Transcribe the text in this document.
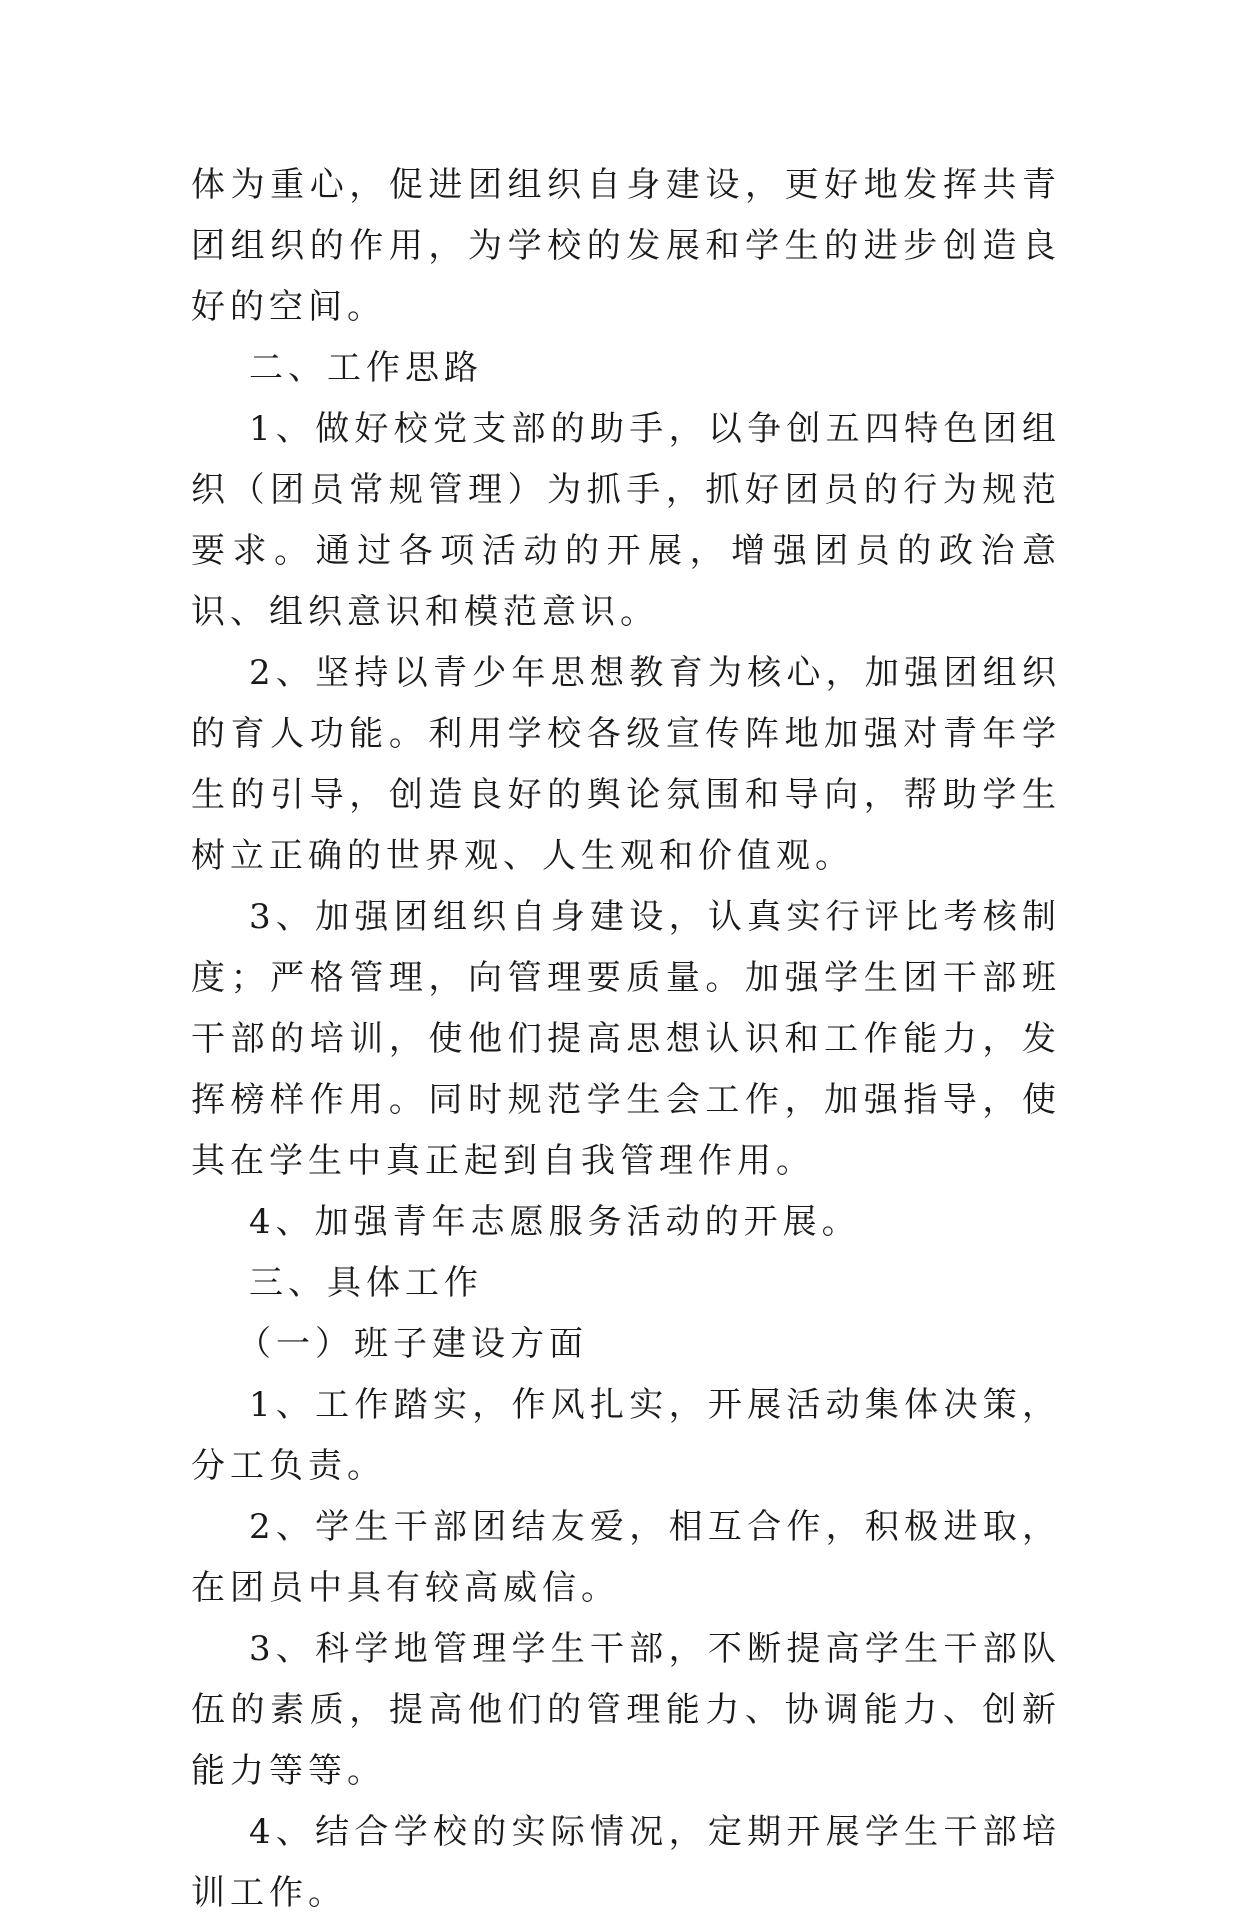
体为重心，促进团组织自身建设，更好地发挥共青团组织的作用，为学校的发展和学生的进步创造良好的空间。

二、工作思路

1、做好校党支部的助手，以争创五四特色团组织（团员常规管理）为抓手，抓好团员的行为规范要求。通过各项活动的开展，增强团员的政治意识、组织意识和模范意识。

2、坚持以青少年思想教育为核心，加强团组织的育人功能。利用学校各级宣传阵地加强对青年学生的引导，创造良好的舆论氛围和导向，帮助学生树立正确的世界观、人生观和价值观。

3、加强团组织自身建设，认真实行评比考核制度；严格管理，向管理要质量。加强学生团干部班干部的培训，使他们提高思想认识和工作能力，发挥榜样作用。同时规范学生会工作，加强指导，使其在学生中真正起到自我管理作用。

4、加强青年志愿服务活动的开展。

三、具体工作

（一）班子建设方面

1、工作踏实，作风扎实，开展活动集体决策，分工负责。

2、学生干部团结友爱，相互合作，积极进取，在团员中具有较高威信。

3、科学地管理学生干部，不断提高学生干部队伍的素质，提高他们的管理能力、协调能力、创新能力等等。

4、结合学校的实际情况，定期开展学生干部培训工作。
